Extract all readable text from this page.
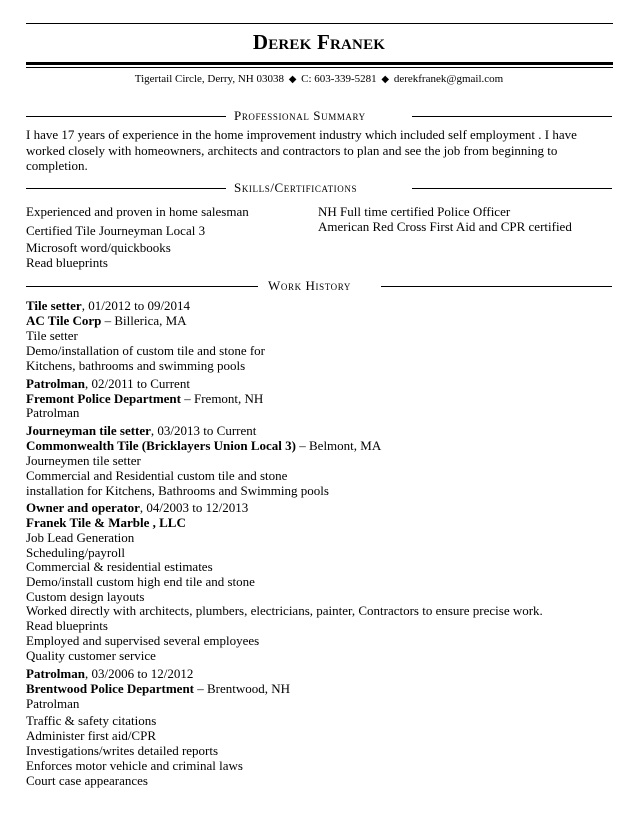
Derek Franek
Tigertail Circle, Derry, NH 03038 ◆ C: 603-339-5281 ◆ derekfranek@gmail.com
Professional Summary
I have 17 years of experience in the home improvement industry which included self employment . I have
worked closely with homeowners, architects and contractors to plan and see the job from beginning to
completion.
Skills/Certifications
Experienced and proven in home salesman
Certified Tile Journeyman Local 3
Microsoft word/quickbooks
Read blueprints
NH Full time certified Police Officer
American Red Cross First Aid and CPR certified
Work History
Tile setter, 01/2012 to 09/2014
AC Tile Corp – Billerica, MA
Tile setter
Demo/installation of custom tile and stone for
Kitchens, bathrooms and swimming pools
Patrolman, 02/2011 to Current
Fremont Police Department – Fremont, NH
Patrolman
Journeyman tile setter, 03/2013 to Current
Commonwealth Tile (Bricklayers Union Local 3) – Belmont, MA
Journeymen tile setter
Commercial and Residential custom tile and stone
installation for Kitchens, Bathrooms and Swimming pools
Owner and operator, 04/2003 to 12/2013
Franek Tile & Marble , LLC
Job Lead Generation
Scheduling/payroll
Commercial & residential estimates
Demo/install custom high end tile and stone
Custom design layouts
Worked directly with architects, plumbers, electricians, painter, Contractors to ensure precise work.
Read blueprints
Employed and supervised several employees
Quality customer service
Patrolman, 03/2006 to 12/2012
Brentwood Police Department – Brentwood, NH
Patrolman
Traffic & safety citations
Administer first aid/CPR
Investigations/writes detailed reports
Enforces motor vehicle and criminal laws
Court case appearances
